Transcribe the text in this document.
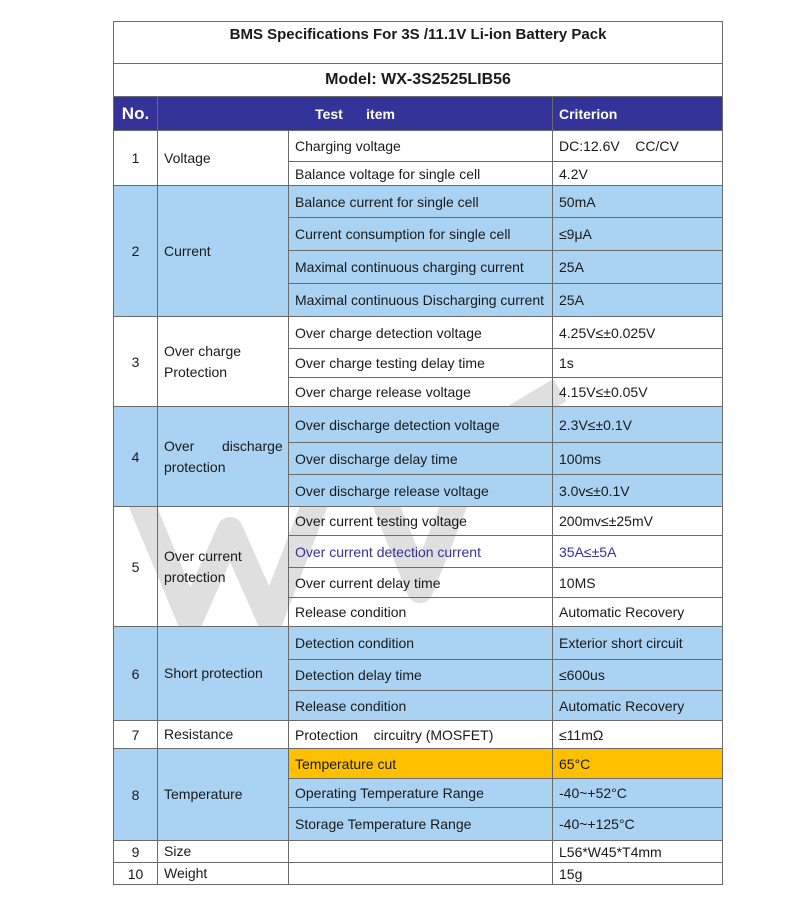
BMS Specifications For 3S /11.1V Li-ion Battery Pack			
Model: WX-3S2525LIB56			
No.	Test      item		Criterion
1	Voltage	Charging voltage	DC:12.6V    CC/CV
		Balance voltage for single cell	4.2V
2	Current	Balance current for single cell	50mA
		Current consumption for single cell	≤9μA
		Maximal continuous charging current	25A
		Maximal continuous Discharging current	25A
3	Over charge
Protection	Over charge detection voltage	4.25V≤±0.025V
		Over charge testing delay time	1s
		Over charge release voltage	4.15V≤±0.05V
4	Over discharge
protection	Over discharge detection voltage	2.3V≤±0.1V
		Over discharge delay time	100ms
		Over discharge release voltage	3.0v≤±0.1V
5	Over current
protection	Over current testing voltage	200mv≤±25mV
		Over current detection current	35A≤±5A
		Over current delay time	10MS
		Release condition	Automatic Recovery
6	Short protection	Detection condition	Exterior short circuit
		Detection delay time	≤600us
		Release condition	Automatic Recovery
7	Resistance	Protection    circuitry (MOSFET)	≤11mΩ
8	Temperature	Temperature cut	65°C
		Operating Temperature Range	-40~+52°C
		Storage Temperature Range	-40~+125°C
9	Size		L56*W45*T4mm
10	Weight		15g
